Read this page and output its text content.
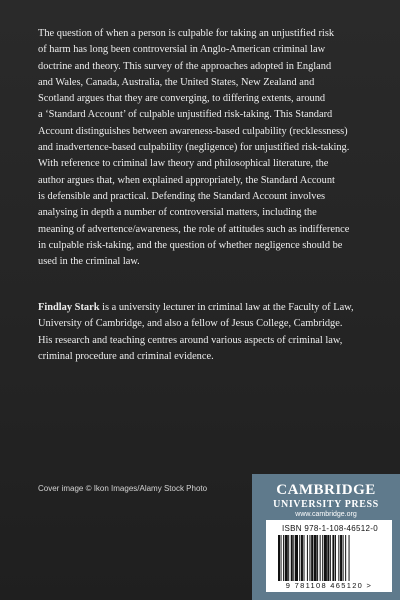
The question of when a person is culpable for taking an unjustified risk
of harm has long been controversial in Anglo-American criminal law
doctrine and theory. This survey of the approaches adopted in England
and Wales, Canada, Australia, the United States, New Zealand and
Scotland argues that they are converging, to differing extents, around
a ‘Standard Account’ of culpable unjustified risk-taking. This Standard
Account distinguishes between awareness-based culpability (recklessness)
and inadvertence-based culpability (negligence) for unjustified risk-taking.
With reference to criminal law theory and philosophical literature, the
author argues that, when explained appropriately, the Standard Account
is defensible and practical. Defending the Standard Account involves
analysing in depth a number of controversial matters, including the
meaning of advertence/awareness, the role of attitudes such as indifference
in culpable risk-taking, and the question of whether negligence should be
used in the criminal law.

Findlay Stark is a university lecturer in criminal law at the Faculty of Law,
University of Cambridge, and also a fellow of Jesus College, Cambridge.
His research and teaching centres around various aspects of criminal law,
criminal procedure and criminal evidence.

Cover image © Ikon Images/Alamy Stock Photo	CAMBRIDGE
UNIVERSITY PRESS
www.cambridge.org
ISBN 978-1-108-46512-0
9 781108 465120 >
